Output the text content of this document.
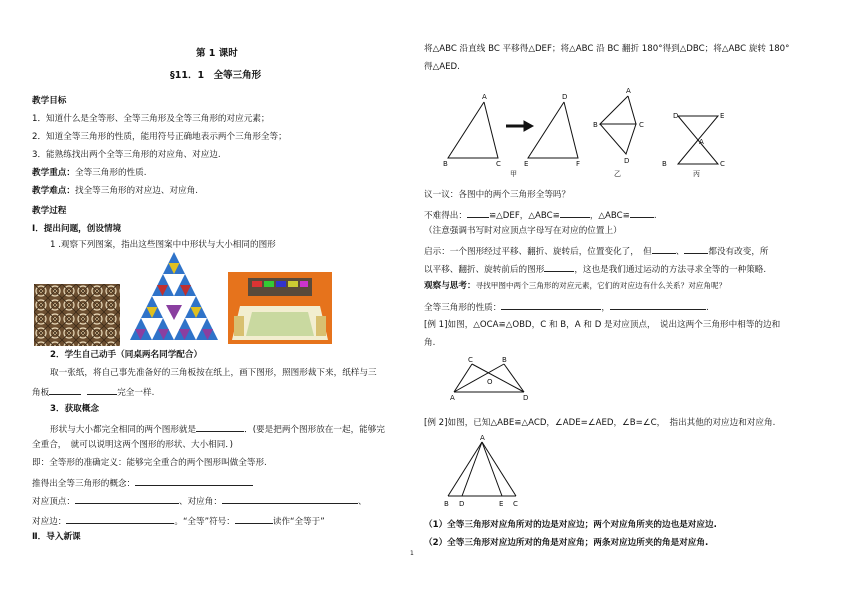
第 1 课时
§11．1　全等三角形
教学目标
1．知道什么是全等形、全等三角形及全等三角形的对应元素；
2．知道全等三角形的性质，能用符号正确地表示两个三角形全等；
3．能熟练找出两个全等三角形的对应角、对应边.
教学重点：全等三角形的性质.
教学难点：找全等三角形的对应边、对应角.
教学过程
Ⅰ．提出问题，创设情境
1 .观察下列图案，指出这些图案中中形状与大小相同的图形
2．学生自己动手（同桌两名同学配合）
取一张纸，将自己事先准备好的三角板按在纸上，画下图形，照图形裁下来，纸样与三
角板	完全一样.
3．获取概念
形状与大小都完全相同的两个图形就是	．(要是把两个图形放在一起，能够完
全重合，　就可以说明这两个图形的形状、大小相同．)
即：全等形的准确定义：能够完全重合的两个图形叫做全等形.
推得出全等三角形的概念：
对应顶点：	、对应角：	、
对应边：	。“全等”符号：	读作“全等于”
Ⅱ．导入新课
1
将△ABC 沿直线 BC 平移得△DEF；将△ABC 沿 BC 翻折 180°得到△DBC；将△ABC 旋转 180°
得△AED.
A
B	C
D
E	F
A
B	C
D
D	E
A
B	C
甲	乙	丙
议一议：各图中的两个三角形全等吗？
不难得出：	≌△DEF，△ABC≌	，△ABC≌	.
（注意强调书写时对应顶点字母写在对应的位置上）
启示：一个图形经过平移、翻折、旋转后，位置变化了，　但	、	都没有改变，所
以平移、翻折、旋转前后的图形	，这也是我们通过运动的方法寻求全等的一种策略.
观察与思考：寻找甲图中两个三角形的对应元素，它们的对应边有什么关系？对应角呢？
全等三角形的性质：	，	.
[例 1]如图，△OCA≌△OBD，C 和 B，A 和 D 是对应顶点，　说出这两个三角形中相等的边和
角.
C	B
A	D
O
[例 2]如图，已知△ABE≌△ACD，∠ADE=∠AED，∠B=∠C，　指出其他的对应边和对应角.
A
B D	E C
（1）全等三角形对应角所对的边是对应边；两个对应角所夹的边也是对应边.
（2）全等三角形对应边所对的角是对应角；两条对应边所夹的角是对应角.
